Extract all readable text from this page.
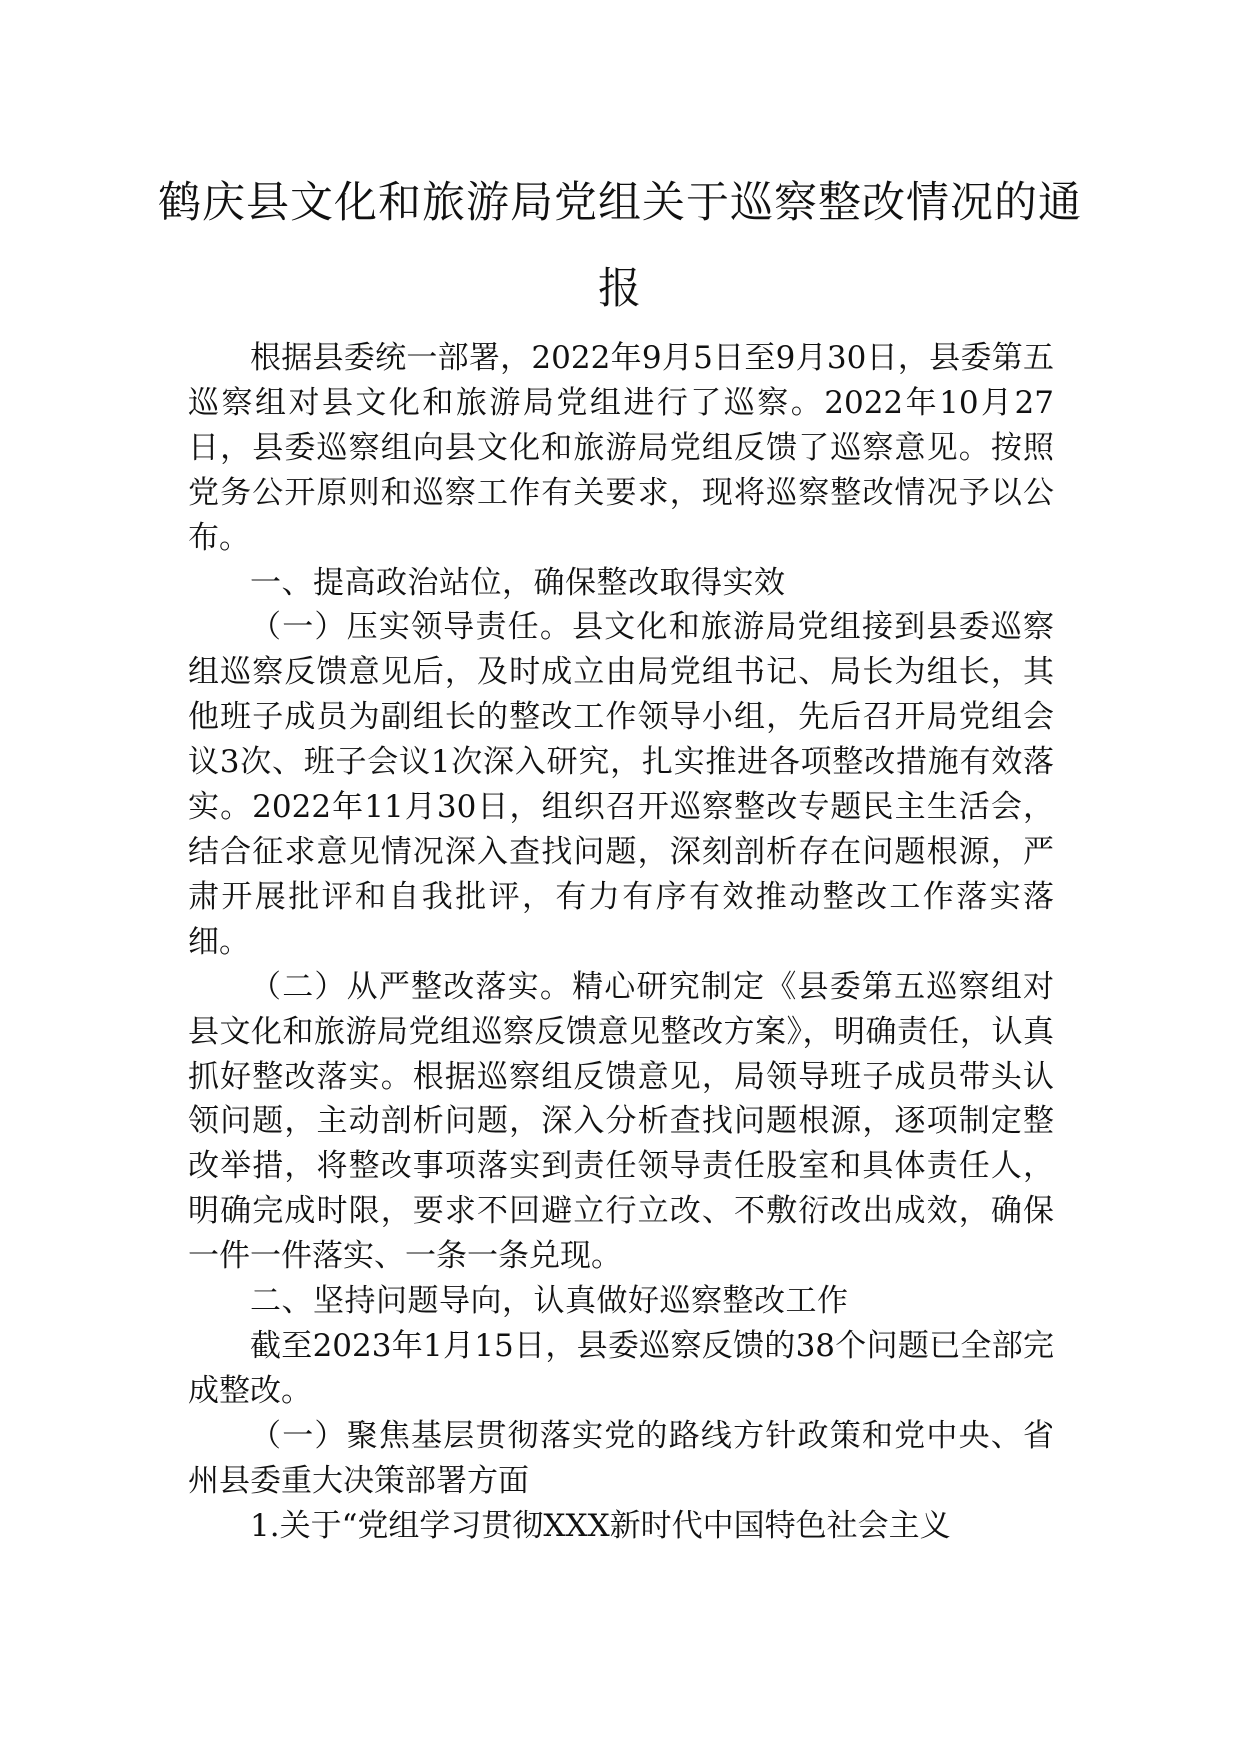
鹤庆县文化和旅游局党组关于巡察整改情况的通报

根据县委统一部署，2022年9月5日至9月30日，县委第五巡察组对县文化和旅游局党组进行了巡察。2022年10月27日，县委巡察组向县文化和旅游局党组反馈了巡察意见。按照党务公开原则和巡察工作有关要求，现将巡察整改情况予以公布。

一、提高政治站位，确保整改取得实效

（一）压实领导责任。县文化和旅游局党组接到县委巡察组巡察反馈意见后，及时成立由局党组书记、局长为组长，其他班子成员为副组长的整改工作领导小组，先后召开局党组会议3次、班子会议1次深入研究，扎实推进各项整改措施有效落实。2022年11月30日，组织召开巡察整改专题民主生活会，结合征求意见情况深入查找问题，深刻剖析存在问题根源，严肃开展批评和自我批评，有力有序有效推动整改工作落实落细。

（二）从严整改落实。精心研究制定《县委第五巡察组对县文化和旅游局党组巡察反馈意见整改方案》，明确责任，认真抓好整改落实。根据巡察组反馈意见，局领导班子成员带头认领问题，主动剖析问题，深入分析查找问题根源，逐项制定整改举措，将整改事项落实到责任领导责任股室和具体责任人，明确完成时限，要求不回避立行立改、不敷衍改出成效，确保一件一件落实、一条一条兑现。

二、坚持问题导向，认真做好巡察整改工作

截至2023年1月15日，县委巡察反馈的38个问题已全部完成整改。

（一）聚焦基层贯彻落实党的路线方针政策和党中央、省州县委重大决策部署方面

1.关于“党组学习贯彻XXX新时代中国特色社会主义
